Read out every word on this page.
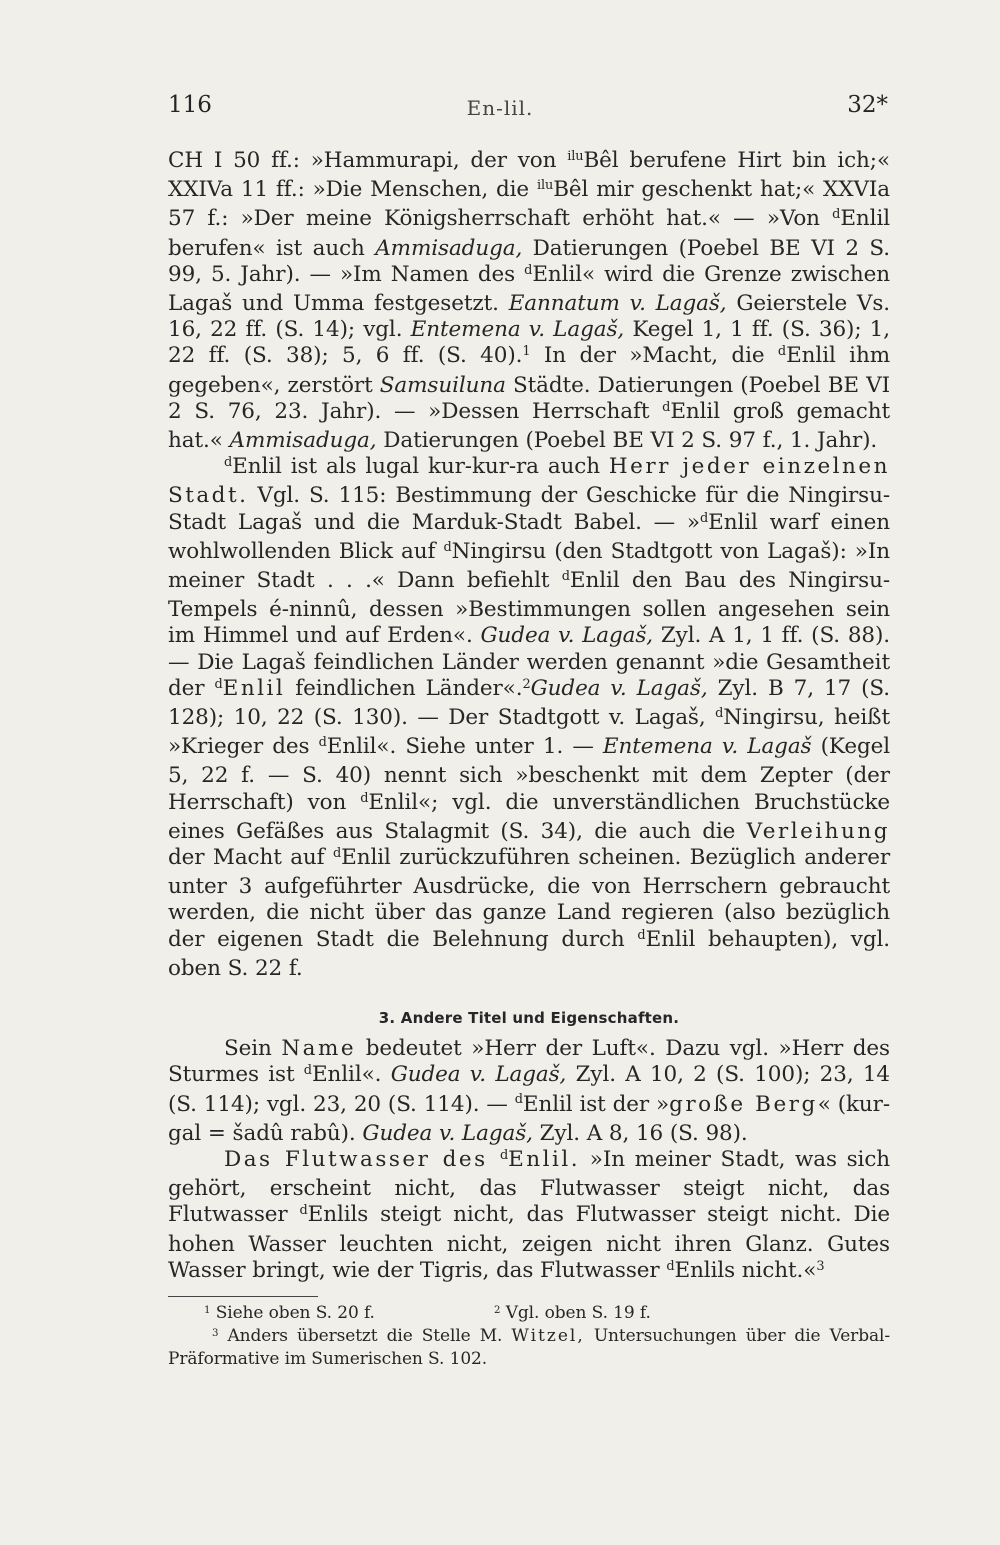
116	En-lil.	32*

CH I 50 ff.: »Hammurapi, der von $^{ilu}$Bêl berufene Hirt bin ich;« XXIVa 11 ff.: »Die Menschen, die $^{ilu}$Bêl mir geschenkt hat;« XXVIa 57 f.: »Der meine Königsherrschaft erhöht hat.« — »Von $^d$Enlil berufen« ist auch Ammisaduga, Datierungen (Poebel BE VI 2 S. 99, 5. Jahr). — »Im Namen des $^d$Enlil« wird die Grenze zwischen Lagaš und Umma festgesetzt. Eannatum v. Lagaš, Geierstele Vs. 16, 22 ff. (S. 14); vgl. Entemena v. Lagaš, Kegel 1, 1 ff. (S. 36); 1, 22 ff. (S. 38); 5, 6 ff. (S. 40).$^1$ In der »Macht, die $^d$Enlil ihm gegeben«, zerstört Samsuiluna Städte. Datierungen (Poebel BE VI 2 S. 76, 23. Jahr). — »Dessen Herrschaft $^d$Enlil groß gemacht hat.« Ammisaduga, Datierungen (Poebel BE VI 2 S. 97 f., 1. Jahr).

$^d$Enlil ist als lugal kur-kur-ra auch Herr jeder einzelnen Stadt. Vgl. S. 115: Bestimmung der Geschicke für die Ningirsu-Stadt Lagaš und die Marduk-Stadt Babel. — »$^d$Enlil warf einen wohlwollenden Blick auf $^d$Ningirsu (den Stadtgott von Lagaš): »In meiner Stadt . . .« Dann befiehlt $^d$Enlil den Bau des Ningirsu-Tempels é-ninnû, dessen »Bestimmungen sollen angesehen sein im Himmel und auf Erden«. Gudea v. Lagaš, Zyl. A 1, 1 ff. (S. 88). — Die Lagaš feindlichen Länder werden genannt »die Gesamtheit der $^d$Enlil feindlichen Länder«.$^2$Gudea v. Lagaš, Zyl. B 7, 17 (S. 128); 10, 22 (S. 130). — Der Stadtgott v. Lagaš, $^d$Ningirsu, heißt »Krieger des $^d$Enlil«. Siehe unter 1. — Entemena v. Lagaš (Kegel 5, 22 f. — S. 40) nennt sich »beschenkt mit dem Zepter (der Herrschaft) von $^d$Enlil«; vgl. die unverständlichen Bruchstücke eines Gefäßes aus Stalagmit (S. 34), die auch die Verleihung der Macht auf $^d$Enlil zurückzuführen scheinen. Bezüglich anderer unter 3 aufgeführter Ausdrücke, die von Herrschern gebraucht werden, die nicht über das ganze Land regieren (also bezüglich der eigenen Stadt die Belehnung durch $^d$Enlil behaupten), vgl. oben S. 22 f.

3. Andere Titel und Eigenschaften.

Sein Name bedeutet »Herr der Luft«. Dazu vgl. »Herr des Sturmes ist $^d$Enlil«. Gudea v. Lagaš, Zyl. A 10, 2 (S. 100); 23, 14 (S. 114); vgl. 23, 20 (S. 114). — $^d$Enlil ist der »große Berg« (kur-gal = šadû rabû). Gudea v. Lagaš, Zyl. A 8, 16 (S. 98).

Das Flutwasser des $^d$Enlil. »In meiner Stadt, was sich gehört, erscheint nicht, das Flutwasser steigt nicht, das Flutwasser $^d$Enlils steigt nicht, das Flutwasser steigt nicht. Die hohen Wasser leuchten nicht, zeigen nicht ihren Glanz. Gutes Wasser bringt, wie der Tigris, das Flutwasser $^d$Enlils nicht.«$^3$

$^1$ Siehe oben S. 20 f.	$^2$ Vgl. oben S. 19 f.
$^3$ Anders übersetzt die Stelle M. Witzel, Untersuchungen über die Verbal-Präformative im Sumerischen S. 102.
